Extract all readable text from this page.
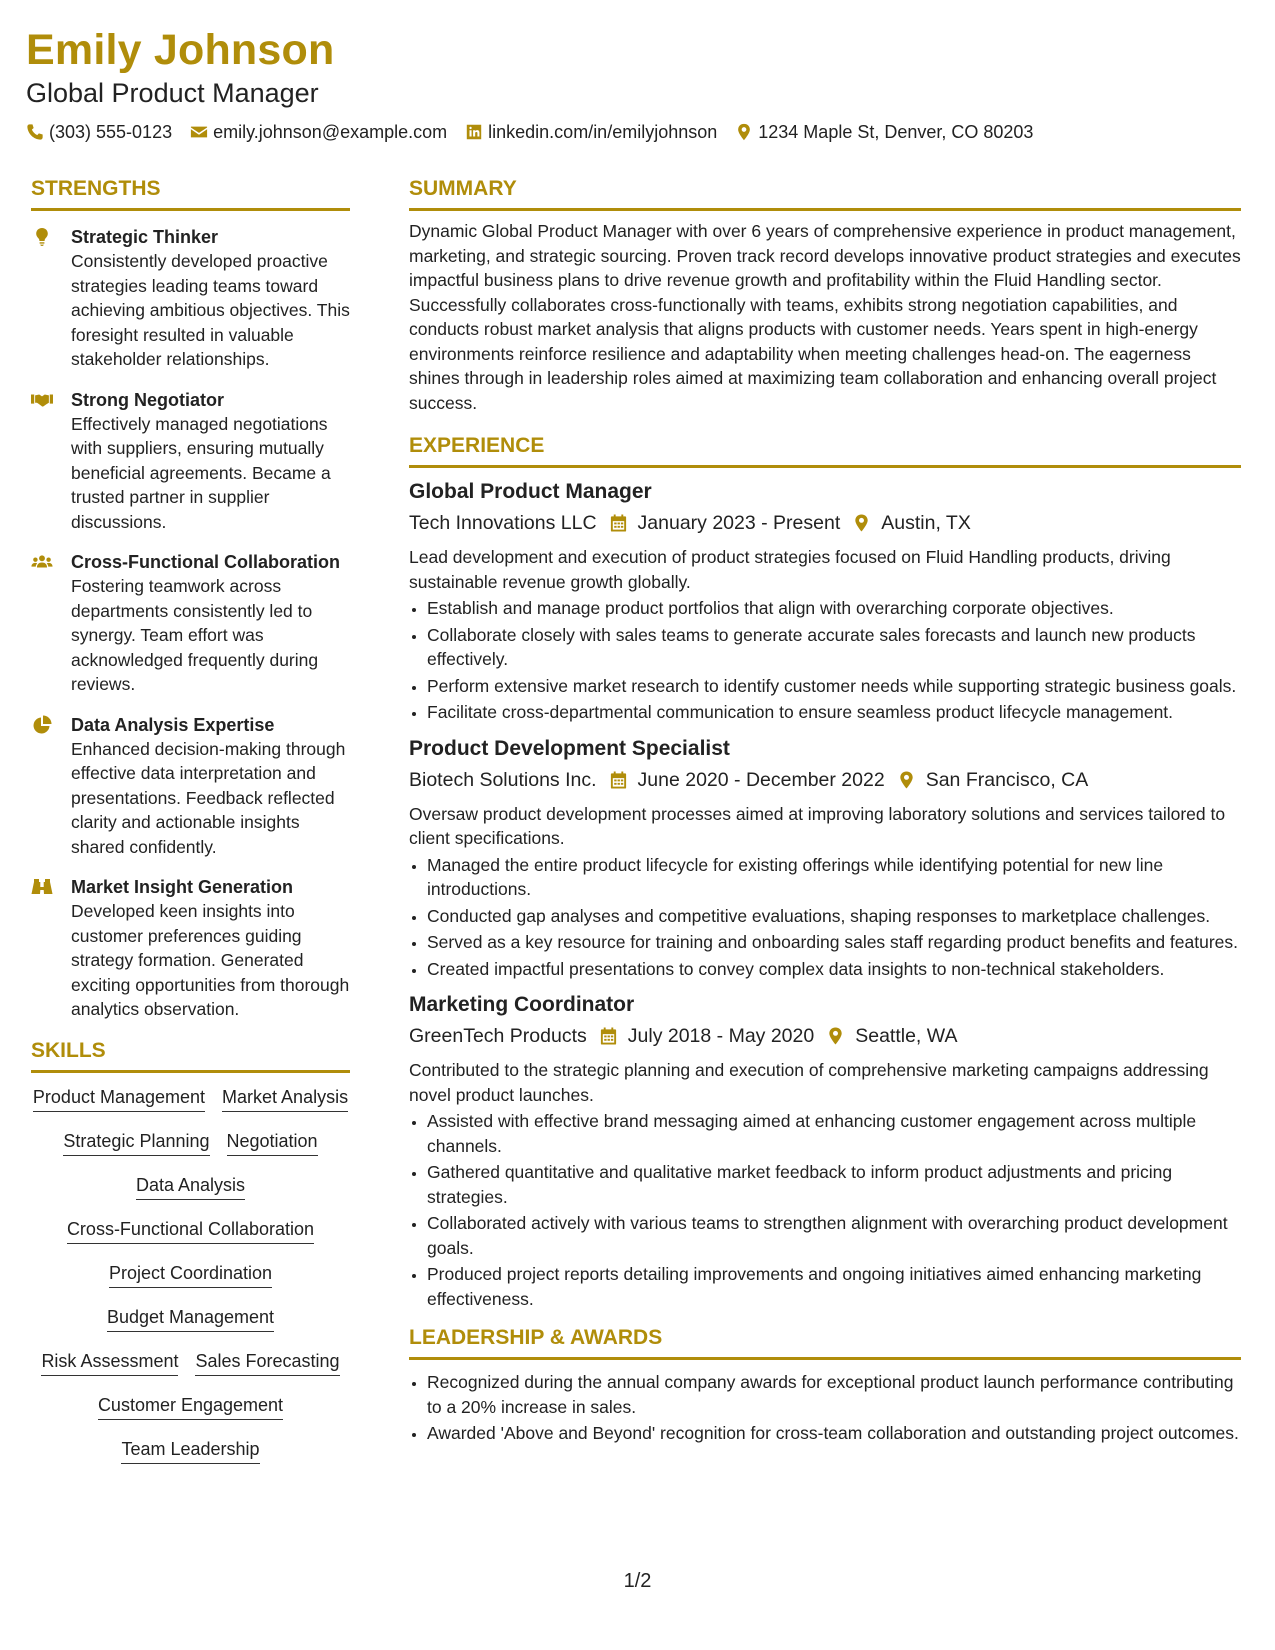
Emily Johnson
Global Product Manager
(303) 555-0123 emily.johnson@example.com linkedin.com/in/emilyjohnson 1234 Maple St, Denver, CO 80203
STRENGTHS
Strategic Thinker
Consistently developed proactive strategies leading teams toward achieving ambitious objectives. This foresight resulted in valuable stakeholder relationships.
Strong Negotiator
Effectively managed negotiations with suppliers, ensuring mutually beneficial agreements. Became a trusted partner in supplier discussions.
Cross-Functional Collaboration
Fostering teamwork across departments consistently led to synergy. Team effort was acknowledged frequently during reviews.
Data Analysis Expertise
Enhanced decision-making through effective data interpretation and presentations. Feedback reflected clarity and actionable insights shared confidently.
Market Insight Generation
Developed keen insights into customer preferences guiding strategy formation. Generated exciting opportunities from thorough analytics observation.
SKILLS
Product Management Market Analysis
Strategic Planning Negotiation
Data Analysis
Cross-Functional Collaboration
Project Coordination
Budget Management
Risk Assessment Sales Forecasting
Customer Engagement
Team Leadership
SUMMARY
Dynamic Global Product Manager with over 6 years of comprehensive experience in product management, marketing, and strategic sourcing. Proven track record develops innovative product strategies and executes impactful business plans to drive revenue growth and profitability within the Fluid Handling sector. Successfully collaborates cross-functionally with teams, exhibits strong negotiation capabilities, and conducts robust market analysis that aligns products with customer needs. Years spent in high-energy environments reinforce resilience and adaptability when meeting challenges head-on. The eagerness shines through in leadership roles aimed at maximizing team collaboration and enhancing overall project success.
EXPERIENCE
Global Product Manager
Tech Innovations LLC January 2023 - Present Austin, TX
Lead development and execution of product strategies focused on Fluid Handling products, driving sustainable revenue growth globally.
• Establish and manage product portfolios that align with overarching corporate objectives.
• Collaborate closely with sales teams to generate accurate sales forecasts and launch new products effectively.
• Perform extensive market research to identify customer needs while supporting strategic business goals.
• Facilitate cross-departmental communication to ensure seamless product lifecycle management.
Product Development Specialist
Biotech Solutions Inc. June 2020 - December 2022 San Francisco, CA
Oversaw product development processes aimed at improving laboratory solutions and services tailored to client specifications.
• Managed the entire product lifecycle for existing offerings while identifying potential for new line introductions.
• Conducted gap analyses and competitive evaluations, shaping responses to marketplace challenges.
• Served as a key resource for training and onboarding sales staff regarding product benefits and features.
• Created impactful presentations to convey complex data insights to non-technical stakeholders.
Marketing Coordinator
GreenTech Products July 2018 - May 2020 Seattle, WA
Contributed to the strategic planning and execution of comprehensive marketing campaigns addressing novel product launches.
• Assisted with effective brand messaging aimed at enhancing customer engagement across multiple channels.
• Gathered quantitative and qualitative market feedback to inform product adjustments and pricing strategies.
• Collaborated actively with various teams to strengthen alignment with overarching product development goals.
• Produced project reports detailing improvements and ongoing initiatives aimed enhancing marketing effectiveness.
LEADERSHIP & AWARDS
• Recognized during the annual company awards for exceptional product launch performance contributing to a 20% increase in sales.
• Awarded 'Above and Beyond' recognition for cross-team collaboration and outstanding project outcomes.
1/2
